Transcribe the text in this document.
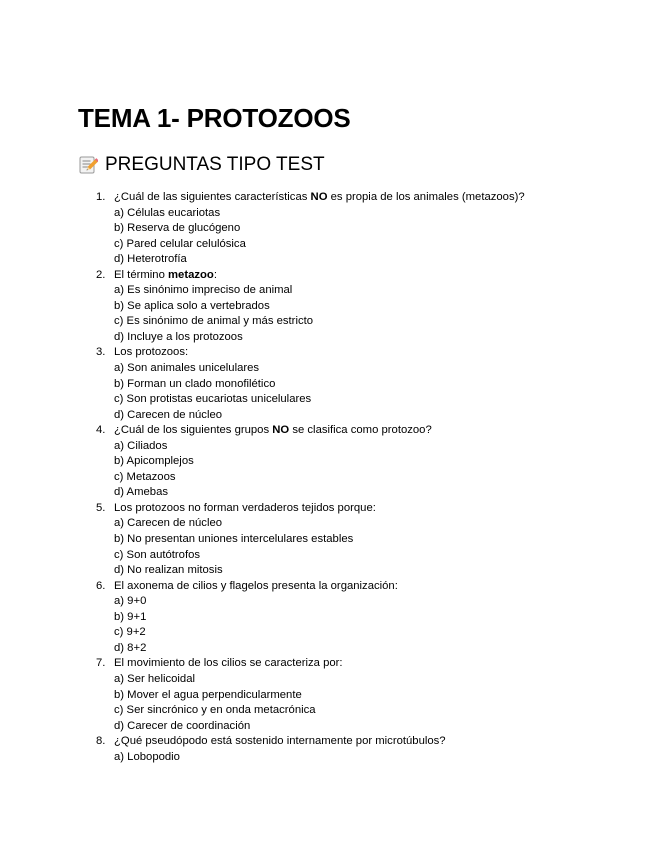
TEMA 1- PROTOZOOS
PREGUNTAS TIPO TEST
1. ¿Cuál de las siguientes características NO es propia de los animales (metazoos)?
a) Células eucariotas
b) Reserva de glucógeno
c) Pared celular celulósica
d) Heterotrofía
2. El término metazoo:
a) Es sinónimo impreciso de animal
b) Se aplica solo a vertebrados
c) Es sinónimo de animal y más estricto
d) Incluye a los protozoos
3. Los protozoos:
a) Son animales unicelulares
b) Forman un clado monofilético
c) Son protistas eucariotas unicelulares
d) Carecen de núcleo
4. ¿Cuál de los siguientes grupos NO se clasifica como protozoo?
a) Ciliados
b) Apicomplejos
c) Metazoos
d) Amebas
5. Los protozoos no forman verdaderos tejidos porque:
a) Carecen de núcleo
b) No presentan uniones intercelulares estables
c) Son autótrofos
d) No realizan mitosis
6. El axonema de cilios y flagelos presenta la organización:
a) 9+0
b) 9+1
c) 9+2
d) 8+2
7. El movimiento de los cilios se caracteriza por:
a) Ser helicoidal
b) Mover el agua perpendicularmente
c) Ser sincrónico y en onda metacrónica
d) Carecer de coordinación
8. ¿Qué pseudópodo está sostenido internamente por microtúbulos?
a) Lobopodio
